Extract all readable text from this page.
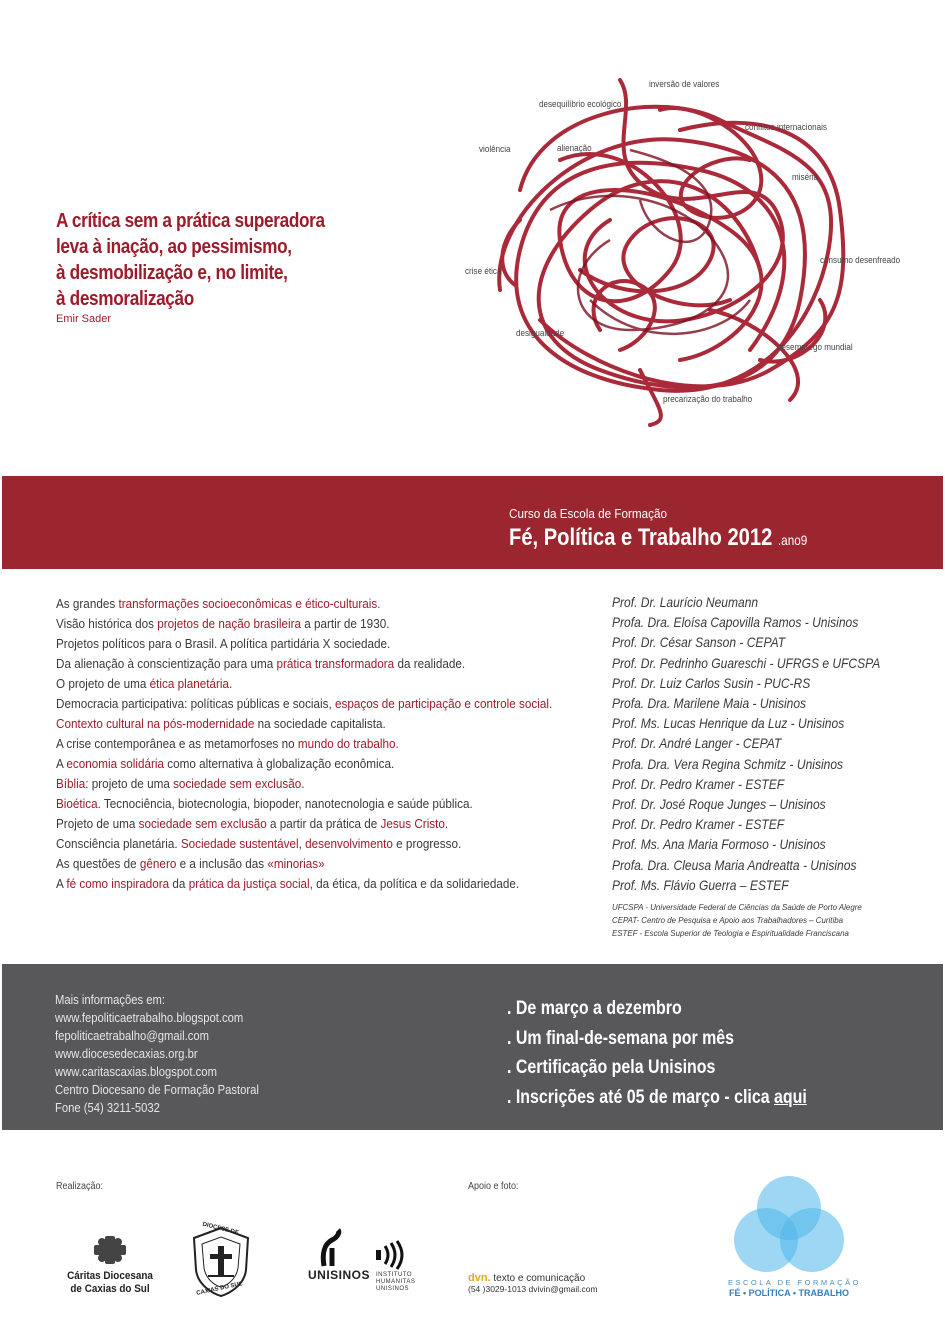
A crítica sem a prática superadora
leva à inação, ao pessimismo,
à desmobilização e, no limite,
à desmoralização
Emir Sader
inversão de valores
desequilíbrio ecológico
conflitos internacionais
violência	alienação
miséria
consumo desenfreado
crise ética
desigualdade
desemprego mundial
precarização do trabalho
Curso da Escola de Formação
Fé, Política e Trabalho 2012 .ano9
As grandes transformações socioeconômicas e ético-culturais.
Visão histórica dos projetos de nação brasileira a partir de 1930.
Projetos políticos para o Brasil. A política partidária X sociedade.
Da alienação à conscientização para uma prática transformadora da realidade.
O projeto de uma ética planetária.
Democracia participativa: políticas públicas e sociais, espaços de participação e controle social.
Contexto cultural na pós-modernidade na sociedade capitalista.
A crise contemporânea e as metamorfoses no mundo do trabalho.
A economia solidária como alternativa à globalização econômica.
Bíblia: projeto de uma sociedade sem exclusão.
Bioética. Tecnociência, biotecnologia, biopoder, nanotecnologia e saúde pública.
Projeto de uma sociedade sem exclusão a partir da prática de Jesus Cristo.
Consciência planetária. Sociedade sustentável, desenvolvimento e progresso.
As questões de gênero e a inclusão das «minorias»
A fé como inspiradora da prática da justiça social, da ética, da política e da solidariedade.
Prof. Dr. Laurício Neumann
Profa. Dra. Eloísa Capovilla Ramos - Unisinos
Prof. Dr. César Sanson - CEPAT
Prof. Dr. Pedrinho Guareschi - UFRGS e UFCSPA
Prof. Dr. Luiz Carlos Susin - PUC-RS
Profa. Dra. Marilene Maia - Unisinos
Prof. Ms. Lucas Henrique da Luz - Unisinos
Prof. Dr. André Langer - CEPAT
Profa. Dra. Vera Regina Schmitz - Unisinos
Prof. Dr. Pedro Kramer - ESTEF
Prof. Dr. José Roque Junges – Unisinos
Prof. Dr. Pedro Kramer - ESTEF
Prof. Ms. Ana Maria Formoso - Unisinos
Profa. Dra. Cleusa Maria Andreatta - Unisinos
Prof. Ms. Flávio Guerra – ESTEF
UFCSPA - Universidade Federal de Ciências da Saúde de Porto Alegre
CEPAT- Centro de Pesquisa e Apoio aos Trabalhadores – Curitiba
ESTEF - Escola Superior de Teologia e Espiritualidade Franciscana
Mais informações em:
www.fepoliticaetrabalho.blogspot.com
fepoliticaetrabalho@gmail.com
www.diocesedecaxias.org.br
www.caritascaxias.blogspot.com
Centro Diocesano de Formação Pastoral
Fone (54) 3211-5032
. De março a dezembro
. Um final-de-semana por mês
. Certificação pela Unisinos
. Inscrições até 05 de março - clica aqui
Realização:	Apoio e foto:
Cáritas Diocesana
de Caxias do Sul
DIOCESE DE
CAXIAS DO SUL
UNISINOS INSTITUTO
HUMANITAS
UNISINOS
dvn. texto e comunicação
(54 )3029-1013 dvivin@gmail.com
ESCOLA DE FORMAÇÃO
FÉ • POLÍTICA • TRABALHO
